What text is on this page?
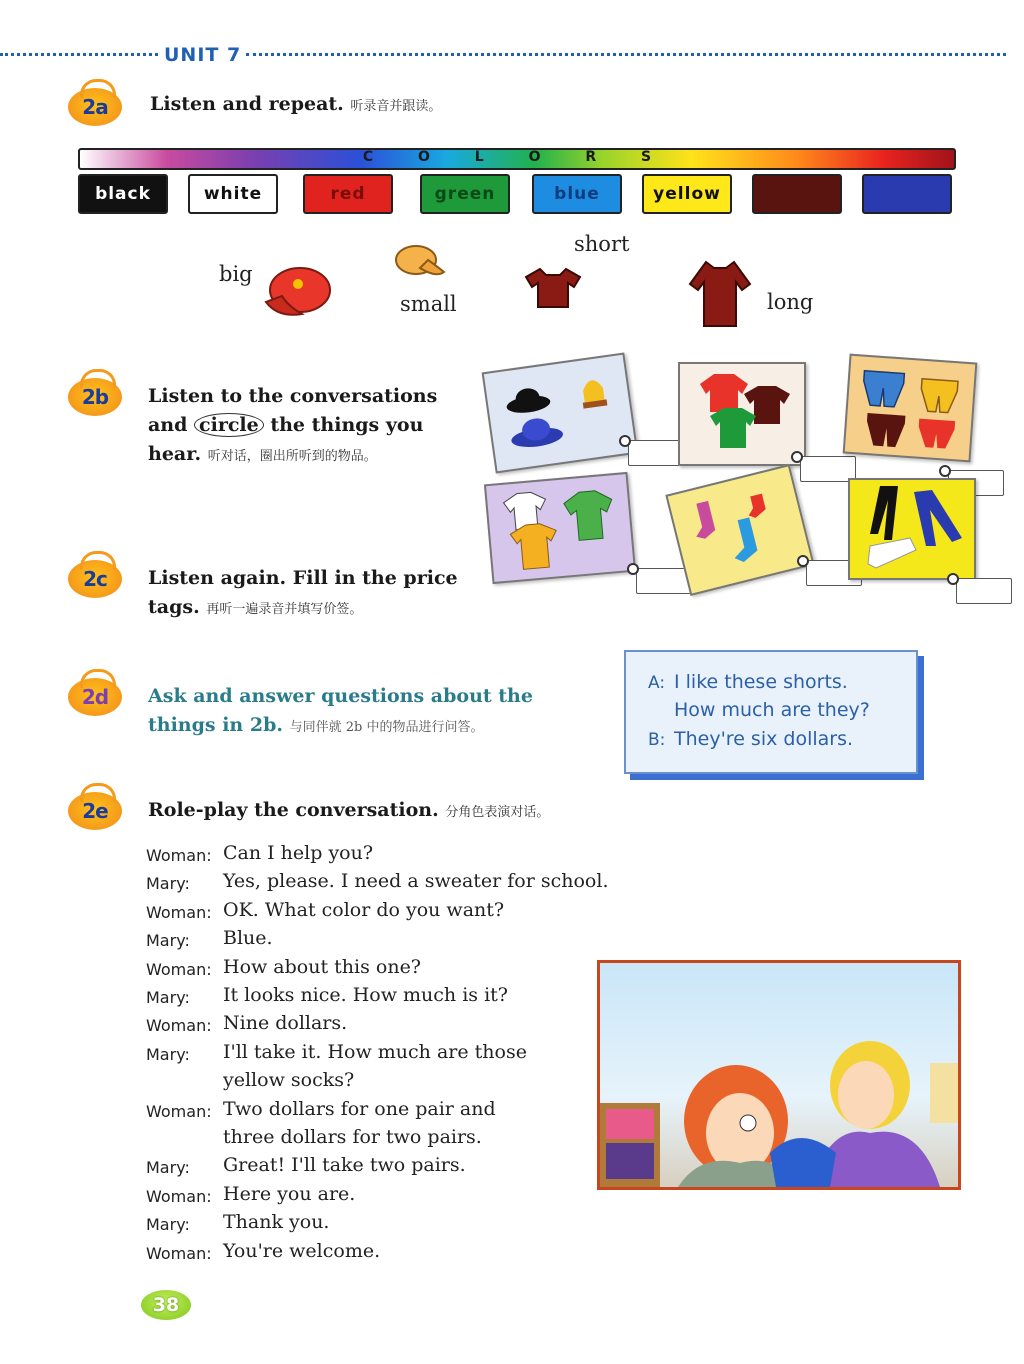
UNIT 7
2a	Listen and repeat. 听录音并跟读。
C O L O R S
black	white	red	green	blue	yellow	brown	purple
big
small
short
long
2b	Listen to the conversations
and circle the things you
hear. 听对话，圈出所听到的物品。
2c	Listen again. Fill in the price
tags. 再听一遍录音并填写价签。
2d	Ask and answer questions about the
things in 2b. 与同伴就 2b 中的物品进行问答。
A: I like these shorts.
How much are they?
B: They're six dollars.
2e	Role-play the conversation. 分角色表演对话。
Woman: Can I help you?
Mary: Yes, please. I need a sweater for school.
Woman: OK. What color do you want?
Mary: Blue.
Woman: How about this one?
Mary: It looks nice. How much is it?
Woman: Nine dollars.
Mary: I'll take it. How much are those
yellow socks?
Woman: Two dollars for one pair and
three dollars for two pairs.
Mary: Great! I'll take two pairs.
Woman: Here you are.
Mary: Thank you.
Woman: You're welcome.
38
